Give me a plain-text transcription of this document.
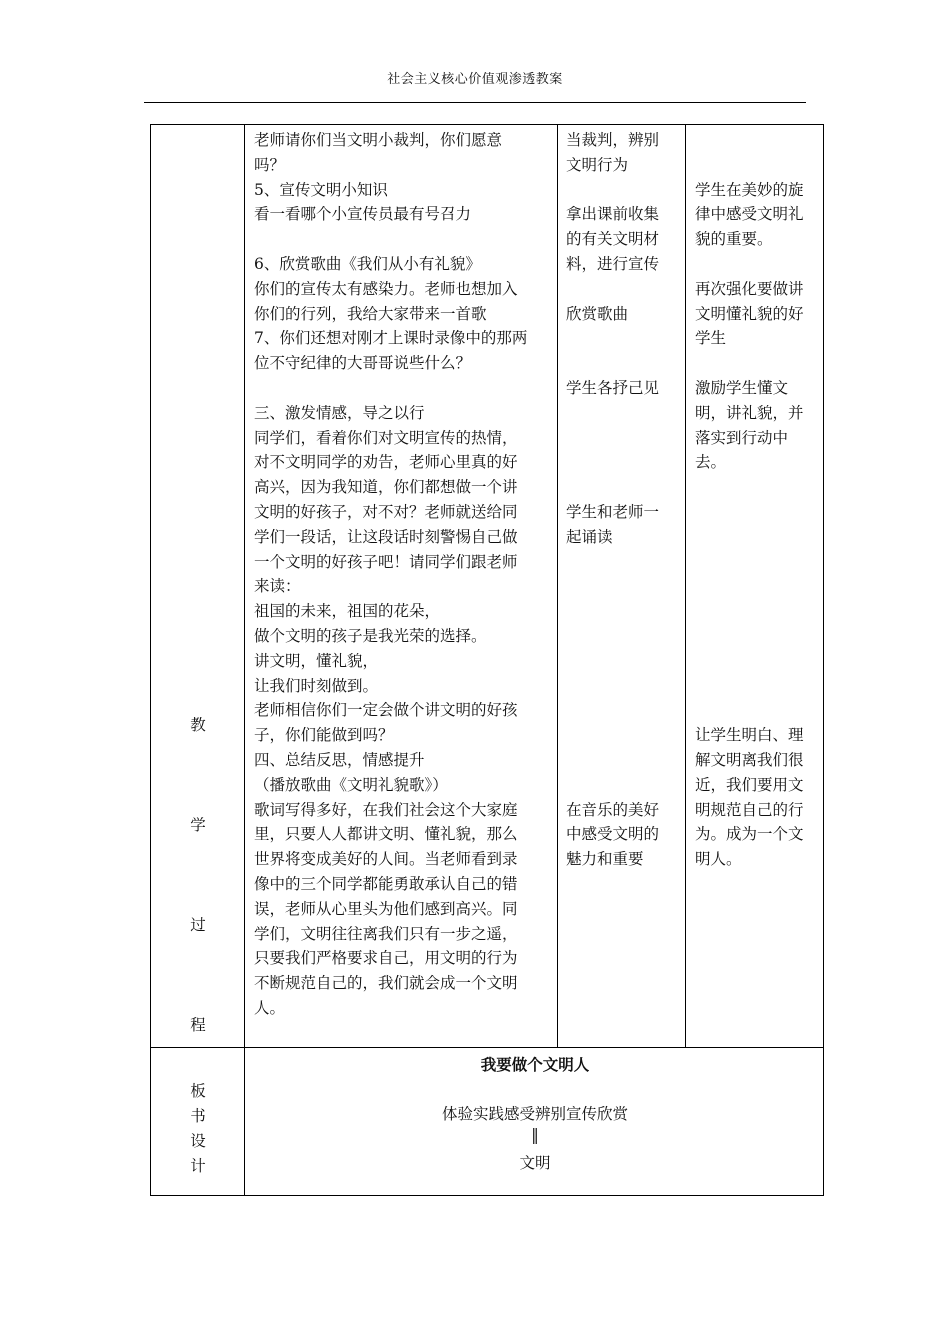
社会主义核心价值观渗透教案
教
学
过
程

老师请你们当文明小裁判，你们愿意

吗？

5、宣传文明小知识

看一看哪个小宣传员最有号召力

6、欣赏歌曲《我们从小有礼貌》

你们的宣传太有感染力。老师也想加入

你们的行列，我给大家带来一首歌

7、你们还想对刚才上课时录像中的那两

位不守纪律的大哥哥说些什么？

三、激发情感，导之以行

同学们，看着你们对文明宣传的热情，

对不文明同学的劝告，老师心里真的好

高兴，因为我知道，你们都想做一个讲

文明的好孩子，对不对？老师就送给同

学们一段话，让这段话时刻警惕自己做

一个文明的好孩子吧！请同学们跟老师

来读：

祖国的未来，祖国的花朵，

做个文明的孩子是我光荣的选择。

讲文明，懂礼貌，

让我们时刻做到。

老师相信你们一定会做个讲文明的好孩

子，你们能做到吗？

四、总结反思，情感提升

（播放歌曲《文明礼貌歌》）

歌词写得多好，在我们社会这个大家庭

里，只要人人都讲文明、懂礼貌，那么

世界将变成美好的人间。当老师看到录

像中的三个同学都能勇敢承认自己的错

误，老师从心里头为他们感到高兴。同

学们，文明往往离我们只有一步之遥，

只要我们严格要求自己，用文明的行为

不断规范自己的，我们就会成一个文明

人。

当裁判，辨别

文明行为

拿出课前收集

的有关文明材

料，进行宣传

欣赏歌曲

学生各抒己见

学生和老师一

起诵读

在音乐的美好

中感受文明的

魅力和重要

学生在美妙的旋

律中感受文明礼

貌的重要。

再次强化要做讲

文明懂礼貌的好

学生

激励学生懂文

明，讲礼貌，并

落实到行动中

去。

让学生明白、理

解文明离我们很

近，我们要用文

明规范自己的行

为。成为一个文

明人。

板
书
设
计
我要做个文明人
体验实践感受辨别宣传欣赏
‖
文明
